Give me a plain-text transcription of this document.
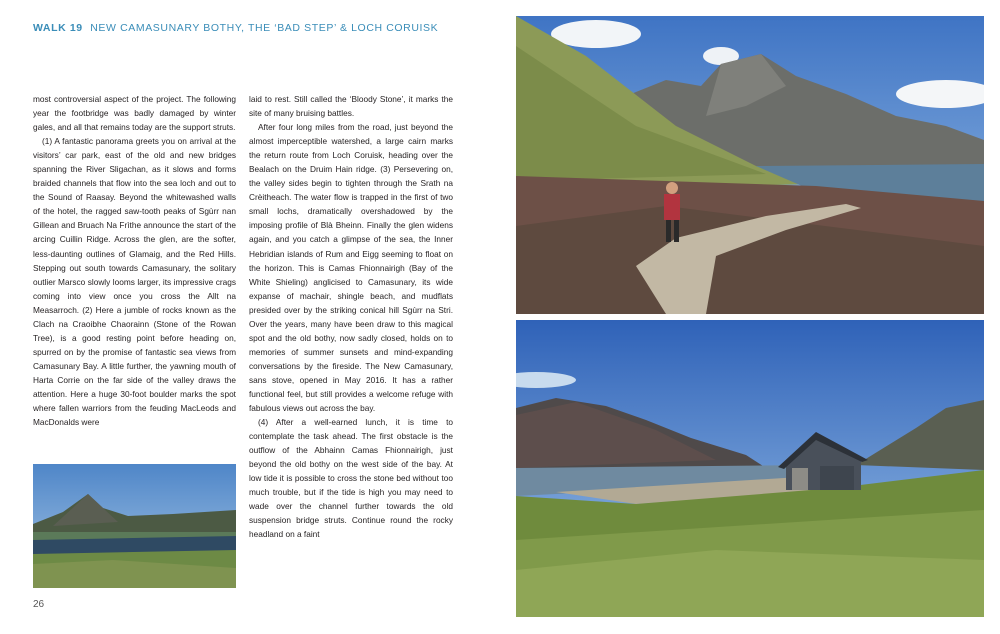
WALK 19 NEW CAMASUNARY BOTHY, THE ‘BAD STEP’ & LOCH CORUISK

most controversial aspect of the project. The following year the footbridge was badly damaged by winter gales, and all that remains today are the support struts.

(1) A fantastic panorama greets you on arrival at the visitors’ car park, east of the old and new bridges spanning the River Sligachan, as it slows and forms braided channels that flow into the sea loch and out to the Sound of Raasay. Beyond the whitewashed walls of the hotel, the ragged saw-tooth peaks of Sgùrr nan Gillean and Bruach Na Frìthe announce the start of the arcing Cuillin Ridge. Across the glen, are the softer, less-daunting outlines of Glamaig, and the Red Hills. Stepping out south towards Camasunary, the solitary outlier Marsco slowly looms larger, its impressive crags coming into view once you cross the Allt na Measarroch. (2) Here a jumble of rocks known as the Clach na Craoibhe Chaorainn (Stone of the Rowan Tree), is a good resting point before heading on, spurred on by the promise of fantastic sea views from Camasunary Bay. A little further, the yawning mouth of Harta Corrie on the far side of the valley draws the attention. Here a huge 30-foot boulder marks the spot where fallen warriors from the feuding MacLeods and MacDonalds were

laid to rest. Still called the ‘Bloody Stone’, it marks the site of many bruising battles.

After four long miles from the road, just beyond the almost imperceptible watershed, a large cairn marks the return route from Loch Coruisk, heading over the Bealach on the Druim Hain ridge. (3) Persevering on, the valley sides begin to tighten through the Srath na Crèitheach. The water flow is trapped in the first of two small lochs, dramatically overshadowed by the imposing profile of Blà Bheinn. Finally the glen widens again, and you catch a glimpse of the sea, the Inner Hebridian islands of Rum and Eigg seeming to float on the horizon. This is Camas Fhionnairigh (Bay of the White Shieling) anglicised to Camasunary, its wide expanse of machair, shingle beach, and mudflats presided over by the striking conical hill Sgùrr na Stri. Over the years, many have been draw to this magical spot and the old bothy, now sadly closed, holds on to memories of summer sunsets and mind-expanding conversations by the fireside. The New Camasunary, sans stove, opened in May 2016. It has a rather functional feel, but still provides a welcome refuge with fabulous views out across the bay.

(4) After a well-earned lunch, it is time to contemplate the task ahead. The first obstacle is the outflow of the Abhainn Camas Fhionnairigh, just beyond the old bothy on the west side of the bay. At low tide it is possible to cross the stone bed without too much trouble, but if the tide is high you may need to wade over the channel further towards the old suspension bridge struts. Continue round the rocky headland on a faint

26
